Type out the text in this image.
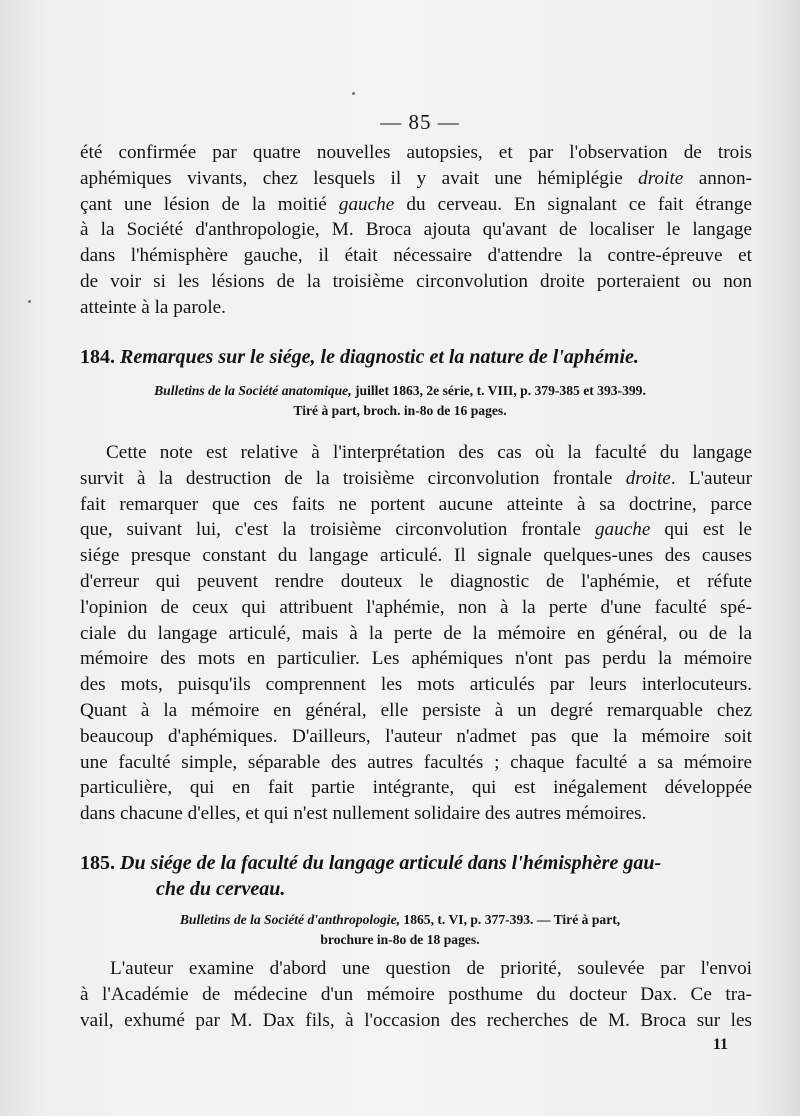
— 85 —
été confirmée par quatre nouvelles autopsies, et par l'observation de trois
aphémiques vivants, chez lesquels il y avait une hémiplégie droite annon-
çant une lésion de la moitié gauche du cerveau. En signalant ce fait étrange
à la Société d'anthropologie, M. Broca ajouta qu'avant de localiser le langage
dans l'hémisphère gauche, il était nécessaire d'attendre la contre-épreuve et
de voir si les lésions de la troisième circonvolution droite porteraient ou non
atteinte à la parole.
184. Remarques sur le siége, le diagnostic et la nature de l'aphémie.
Bulletins de la Société anatomique, juillet 1863, 2e série, t. VIII, p. 379-385 et 393-399.
Tiré à part, broch. in-8o de 16 pages.
Cette note est relative à l'interprétation des cas où la faculté du langage
survit à la destruction de la troisième circonvolution frontale droite. L'auteur
fait remarquer que ces faits ne portent aucune atteinte à sa doctrine, parce
que, suivant lui, c'est la troisième circonvolution frontale gauche qui est le
siége presque constant du langage articulé. Il signale quelques-unes des causes
d'erreur qui peuvent rendre douteux le diagnostic de l'aphémie, et réfute
l'opinion de ceux qui attribuent l'aphémie, non à la perte d'une faculté spé-
ciale du langage articulé, mais à la perte de la mémoire en général, ou de la
mémoire des mots en particulier. Les aphémiques n'ont pas perdu la mémoire
des mots, puisqu'ils comprennent les mots articulés par leurs interlocuteurs.
Quant à la mémoire en général, elle persiste à un degré remarquable chez
beaucoup d'aphémiques. D'ailleurs, l'auteur n'admet pas que la mémoire soit
une faculté simple, séparable des autres facultés ; chaque faculté a sa mémoire
particulière, qui en fait partie intégrante, qui est inégalement développée
dans chacune d'elles, et qui n'est nullement solidaire des autres mémoires.
185. Du siége de la faculté du langage articulé dans l'hémisphère gau-
che du cerveau.
Bulletins de la Société d'anthropologie, 1865, t. VI, p. 377-393. — Tiré à part,
brochure in-8o de 18 pages.
L'auteur examine d'abord une question de priorité, soulevée par l'envoi
à l'Académie de médecine d'un mémoire posthume du docteur Dax. Ce tra-
vail, exhumé par M. Dax fils, à l'occasion des recherches de M. Broca sur les
11
